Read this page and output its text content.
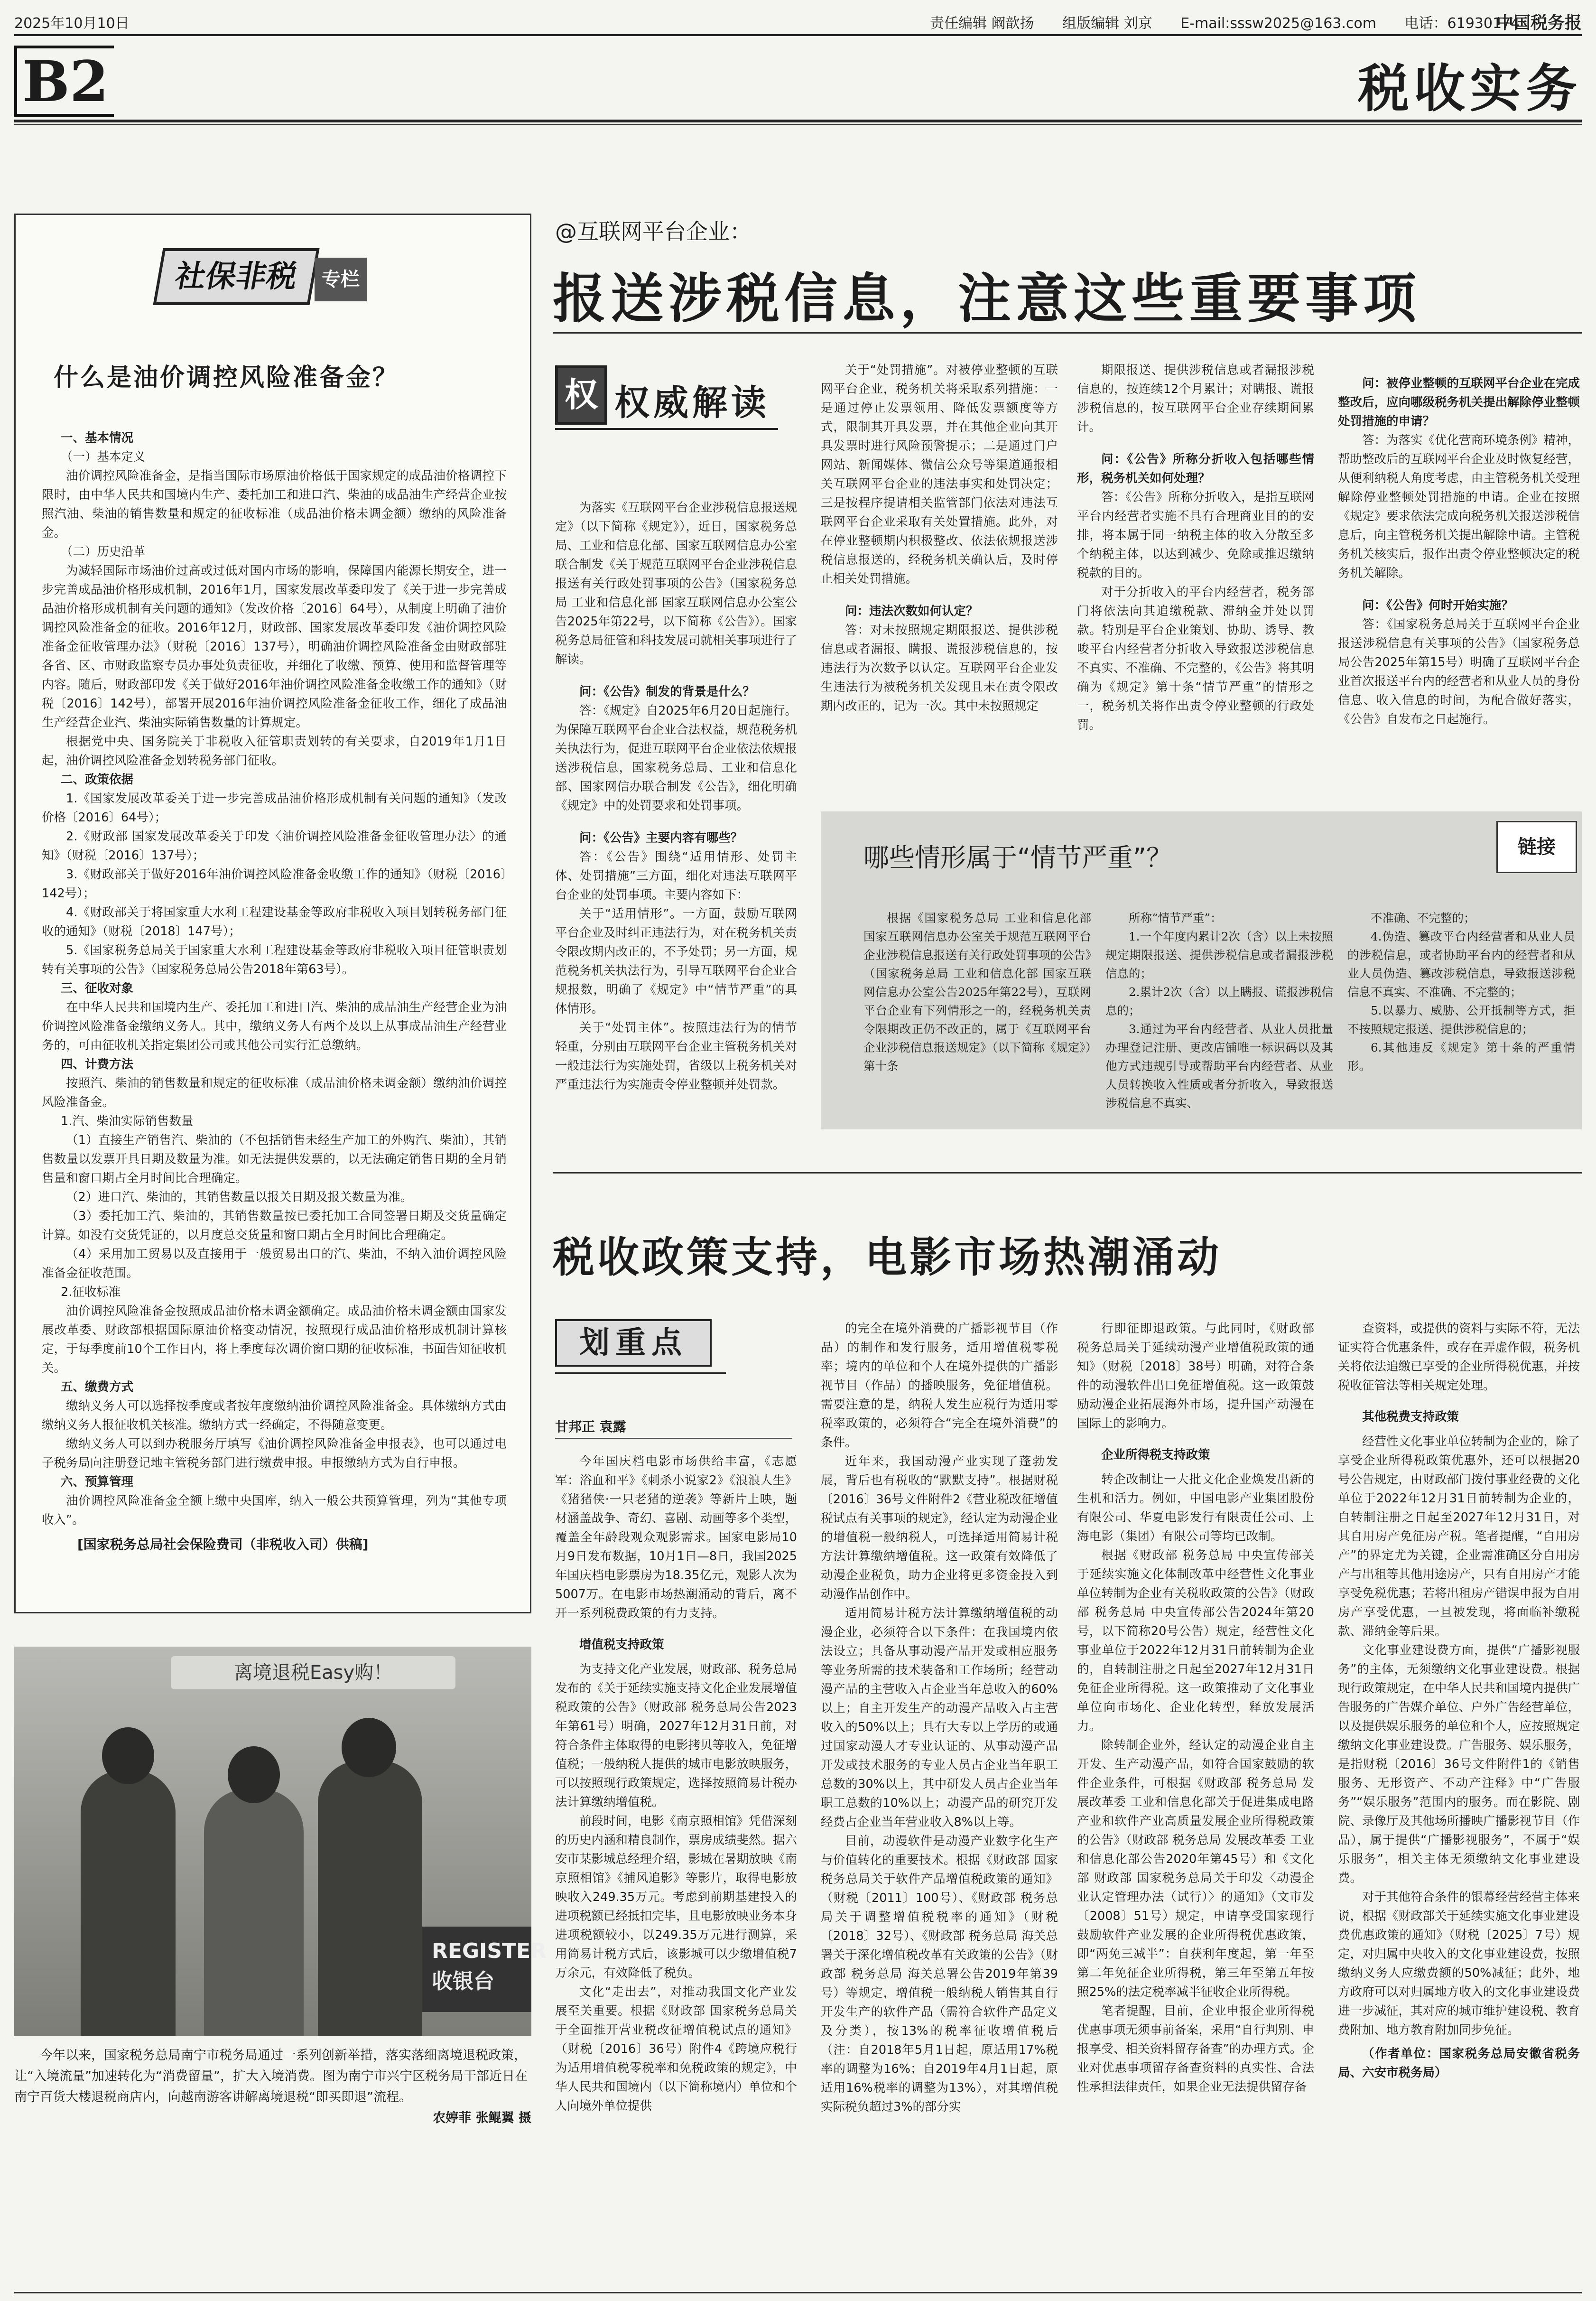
2025年10月10日	责任编辑 阚歆扬 组版编辑 刘京 E-mail:sssw2025@163.com 电话：61930174
中国税务报
B2	税收实务
社保非税	专栏
什么是油价调控风险准备金？

一、基本情况

（一）基本定义

油价调控风险准备金，是指当国际市场原油价格低于国家规定的成品油价格调控下限时，由中华人民共和国境内生产、委托加工和进口汽、柴油的成品油生产经营企业按照汽油、柴油的销售数量和规定的征收标准（成品油价格未调金额）缴纳的风险准备金。

（二）历史沿革

为减轻国际市场油价过高或过低对国内市场的影响，保障国内能源长期安全，进一步完善成品油价格形成机制，2016年1月，国家发展改革委印发了《关于进一步完善成品油价格形成机制有关问题的通知》（发改价格〔2016〕64号），从制度上明确了油价调控风险准备金的征收。2016年12月，财政部、国家发展改革委印发《油价调控风险准备金征收管理办法》（财税〔2016〕137号），明确油价调控风险准备金由财政部驻各省、区、市财政监察专员办事处负责征收，并细化了收缴、预算、使用和监督管理等内容。随后，财政部印发《关于做好2016年油价调控风险准备金收缴工作的通知》（财税〔2016〕142号），部署开展2016年油价调控风险准备金征收工作，细化了成品油生产经营企业汽、柴油实际销售数量的计算规定。

根据党中央、国务院关于非税收入征管职责划转的有关要求，自2019年1月1日起，油价调控风险准备金划转税务部门征收。

二、政策依据

1.《国家发展改革委关于进一步完善成品油价格形成机制有关问题的通知》（发改价格〔2016〕64号）；

2.《财政部 国家发展改革委关于印发〈油价调控风险准备金征收管理办法〉的通知》（财税〔2016〕137号）；

3.《财政部关于做好2016年油价调控风险准备金收缴工作的通知》（财税〔2016〕142号）；

4.《财政部关于将国家重大水利工程建设基金等政府非税收入项目划转税务部门征收的通知》（财税〔2018〕147号）；

5.《国家税务总局关于国家重大水利工程建设基金等政府非税收入项目征管职责划转有关事项的公告》（国家税务总局公告2018年第63号）。

三、征收对象

在中华人民共和国境内生产、委托加工和进口汽、柴油的成品油生产经营企业为油价调控风险准备金缴纳义务人。其中，缴纳义务人有两个及以上从事成品油生产经营业务的，可由征收机关指定集团公司或其他公司实行汇总缴纳。

四、计费方法

按照汽、柴油的销售数量和规定的征收标准（成品油价格未调金额）缴纳油价调控风险准备金。

1.汽、柴油实际销售数量

（1）直接生产销售汽、柴油的（不包括销售未经生产加工的外购汽、柴油），其销售数量以发票开具日期及数量为准。如无法提供发票的，以无法确定销售日期的全月销售量和窗口期占全月时间比合理确定。

（2）进口汽、柴油的，其销售数量以报关日期及报关数量为准。

（3）委托加工汽、柴油的，其销售数量按已委托加工合同签署日期及交货量确定计算。如没有交货凭证的，以月度总交货量和窗口期占全月时间比合理确定。

（4）采用加工贸易以及直接用于一般贸易出口的汽、柴油，不纳入油价调控风险准备金征收范围。

2.征收标准

油价调控风险准备金按照成品油价格未调金额确定。成品油价格未调金额由国家发展改革委、财政部根据国际原油价格变动情况，按照现行成品油价格形成机制计算核定，于每季度前10个工作日内，将上季度每次调价窗口期的征收标准，书面告知征收机关。

五、缴费方式

缴纳义务人可以选择按季度或者按年度缴纳油价调控风险准备金。具体缴纳方式由缴纳义务人报征收机关核准。缴纳方式一经确定，不得随意变更。

缴纳义务人可以到办税服务厅填写《油价调控风险准备金申报表》，也可以通过电子税务局向注册登记地主管税务部门进行缴费申报。申报缴纳方式为自行申报。

六、预算管理

油价调控风险准备金全额上缴中央国库，纳入一般公共预算管理，列为“其他专项收入”。

[国家税务总局社会保险费司（非税收入司）供稿]
离境退税Easy购！
REGISTER 收银台
今年以来，国家税务总局南宁市税务局通过一系列创新举措，落实落细离境退税政策，让“入境流量”加速转化为“消费留量”，扩大入境消费。图为南宁市兴宁区税务局干部近日在南宁百货大楼退税商店内，向越南游客讲解离境退税“即买即退”流程。
农婷菲 张鲲翼 摄
@互联网平台企业：
报送涉税信息，注意这些重要事项
权 权威解读

为落实《互联网平台企业涉税信息报送规定》（以下简称《规定》），近日，国家税务总局、工业和信息化部、国家互联网信息办公室联合制发《关于规范互联网平台企业涉税信息报送有关行政处罚事项的公告》（国家税务总局 工业和信息化部 国家互联网信息办公室公告2025年第22号，以下简称《公告》）。国家税务总局征管和科技发展司就相关事项进行了解读。

问：《公告》制发的背景是什么？

答：《规定》自2025年6月20日起施行。为保障互联网平台企业合法权益，规范税务机关执法行为，促进互联网平台企业依法依规报送涉税信息，国家税务总局、工业和信息化部、国家网信办联合制发《公告》，细化明确《规定》中的处罚要求和处罚事项。

问：《公告》主要内容有哪些？

答：《公告》围绕“适用情形、处罚主体、处罚措施”三方面，细化对违法互联网平台企业的处罚事项。主要内容如下：

关于“适用情形”。一方面，鼓励互联网平台企业及时纠正违法行为，对在税务机关责令限改期内改正的，不予处罚；另一方面，规范税务机关执法行为，引导互联网平台企业合规报数，明确了《规定》中“情节严重”的具体情形。

关于“处罚主体”。按照违法行为的情节轻重，分别由互联网平台企业主管税务机关对一般违法行为实施处罚，省级以上税务机关对严重违法行为实施责令停业整顿并处罚款。

关于“处罚措施”。对被停业整顿的互联网平台企业，税务机关将采取系列措施：一是通过停止发票领用、降低发票额度等方式，限制其开具发票，并在其他企业向其开具发票时进行风险预警提示；二是通过门户网站、新闻媒体、微信公众号等渠道通报相关互联网平台企业的违法事实和处罚决定；三是按程序提请相关监管部门依法对违法互联网平台企业采取有关处置措施。此外，对在停业整顿期内积极整改、依法依规报送涉税信息报送的，经税务机关确认后，及时停止相关处罚措施。

问：违法次数如何认定？

答：对未按照规定期限报送、提供涉税信息或者漏报、瞒报、谎报涉税信息的，按违法行为次数予以认定。互联网平台企业发生违法行为被税务机关发现且未在责令限改期内改正的，记为一次。其中未按照规定

期限报送、提供涉税信息或者漏报涉税信息的，按连续12个月累计；对瞒报、谎报涉税信息的，按互联网平台企业存续期间累计。

问：《公告》所称分折收入包括哪些情形，税务机关如何处理？

答：《公告》所称分折收入，是指互联网平台内经营者实施不具有合理商业目的的安排，将本属于同一纳税主体的收入分散至多个纳税主体，以达到减少、免除或推迟缴纳税款的目的。

对于分折收入的平台内经营者，税务部门将依法向其追缴税款、滞纳金并处以罚款。特别是平台企业策划、协助、诱导、教唆平台内经营者分折收入导致报送涉税信息不真实、不准确、不完整的，《公告》将其明确为《规定》第十条“情节严重”的情形之一，税务机关将作出责令停业整顿的行政处罚。

问：被停业整顿的互联网平台企业在完成整改后，应向哪级税务机关提出解除停业整顿处罚措施的申请？

答：为落实《优化营商环境条例》精神，帮助整改后的互联网平台企业及时恢复经营，从便利纳税人角度考虑，由主管税务机关受理解除停业整顿处罚措施的申请。企业在按照《规定》要求依法完成向税务机关报送涉税信息后，向主管税务机关提出解除申请。主管税务机关核实后，报作出责令停业整顿决定的税务机关解除。

问：《公告》何时开始实施？

答：《国家税务总局关于互联网平台企业报送涉税信息有关事项的公告》（国家税务总局公告2025年第15号）明确了互联网平台企业首次报送平台内的经营者和从业人员的身份信息、收入信息的时间，为配合做好落实，《公告》自发布之日起施行。

哪些情形属于“情节严重”？	链接

根据《国家税务总局 工业和信息化部 国家互联网信息办公室关于规范互联网平台企业涉税信息报送有关行政处罚事项的公告》（国家税务总局 工业和信息化部 国家互联网信息办公室公告2025年第22号），互联网平台企业有下列情形之一的，经税务机关责令限期改正仍不改正的，属于《互联网平台企业涉税信息报送规定》（以下简称《规定》）第十条

所称“情节严重”：

1.一个年度内累计2次（含）以上未按照规定期限报送、提供涉税信息或者漏报涉税信息的；

2.累计2次（含）以上瞒报、谎报涉税信息的；

3.通过为平台内经营者、从业人员批量办理登记注册、更改店铺唯一标识码以及其他方式违规引导或帮助平台内经营者、从业人员转换收入性质或者分折收入，导致报送涉税信息不真实、

不准确、不完整的；

4.伪造、篡改平台内经营者和从业人员的涉税信息，或者协助平台内的经营者和从业人员伪造、篡改涉税信息，导致报送涉税信息不真实、不准确、不完整的；

5.以暴力、威胁、公开抵制等方式，拒不按照规定报送、提供涉税信息的；

6.其他违反《规定》第十条的严重情形。

税收政策支持，电影市场热潮涌动
划重点
甘邦正 袁露

今年国庆档电影市场供给丰富，《志愿军：浴血和平》《刺杀小说家2》《浪浪人生》《猪猪侠·一只老猪的逆袭》等新片上映，题材涵盖战争、奇幻、喜剧、动画等多个类型，覆盖全年龄段观众观影需求。国家电影局10月9日发布数据，10月1日—8日，我国2025年国庆档电影票房为18.35亿元，观影人次为5007万。在电影市场热潮涌动的背后，离不开一系列税费政策的有力支持。

增值税支持政策

为支持文化产业发展，财政部、税务总局发布的《关于延续实施支持文化企业发展增值税政策的公告》（财政部 税务总局公告2023年第61号）明确，2027年12月31日前，对符合条件主体取得的电影拷贝等收入，免征增值税；一般纳税人提供的城市电影放映服务，可以按照现行政策规定，选择按照简易计税办法计算缴纳增值税。

前段时间，电影《南京照相馆》凭借深刻的历史内涵和精良制作，票房成绩斐然。据六安市某影城总经理介绍，影城在暑期放映《南京照相馆》《捕风追影》等影片，取得电影放映收入249.35万元。考虑到前期基建投入的进项税额已经抵扣完毕，且电影放映业务本身进项税额较小，以249.35万元进行测算，采用简易计税方式后，该影城可以少缴增值税7万余元，有效降低了税负。

文化“走出去”，对推动我国文化产业发展至关重要。根据《财政部 国家税务总局关于全面推开营业税改征增值税试点的通知》（财税〔2016〕36号）附件4《跨境应税行为适用增值税零税率和免税政策的规定》，中华人民共和国境内（以下简称境内）单位和个人向境外单位提供

的完全在境外消费的广播影视节目（作品）的制作和发行服务，适用增值税零税率；境内的单位和个人在境外提供的广播影视节目（作品）的播映服务，免征增值税。需要注意的是，纳税人发生应税行为适用零税率政策的，必须符合“完全在境外消费”的条件。

近年来，我国动漫产业实现了蓬勃发展，背后也有税收的“默默支持”。根据财税〔2016〕36号文件附件2《营业税改征增值税试点有关事项的规定》，经认定为动漫企业的增值税一般纳税人，可选择适用简易计税方法计算缴纳增值税。这一政策有效降低了动漫企业税负，助力企业将更多资金投入到动漫作品创作中。

适用简易计税方法计算缴纳增值税的动漫企业，必须符合以下条件：在我国境内依法设立；具备从事动漫产品开发或相应服务等业务所需的技术装备和工作场所；经营动漫产品的主营收入占企业当年总收入的60%以上；自主开发生产的动漫产品收入占主营收入的50%以上；具有大专以上学历的或通过国家动漫人才专业认证的、从事动漫产品开发或技术服务的专业人员占企业当年职工总数的30%以上，其中研发人员占企业当年职工总数的10%以上；动漫产品的研究开发经费占企业当年营业收入8%以上等。

目前，动漫软件是动漫产业数字化生产与价值转化的重要技术。根据《财政部 国家税务总局关于软件产品增值税政策的通知》（财税〔2011〕100号）、《财政部 税务总局关于调整增值税税率的通知》（财税〔2018〕32号）、《财政部 税务总局 海关总署关于深化增值税改革有关政策的公告》（财政部 税务总局 海关总署公告2019年第39号）等规定，增值税一般纳税人销售其自行开发生产的软件产品（需符合软件产品定义及分类），按13%的税率征收增值税后（注：自2018年5月1日起，原适用17%税率的调整为16%；自2019年4月1日起，原适用16%税率的调整为13%），对其增值税实际税负超过3%的部分实

行即征即退政策。与此同时，《财政部 税务总局关于延续动漫产业增值税政策的通知》（财税〔2018〕38号）明确，对符合条件的动漫软件出口免征增值税。这一政策鼓励动漫企业拓展海外市场，提升国产动漫在国际上的影响力。

企业所得税支持政策

转企改制让一大批文化企业焕发出新的生机和活力。例如，中国电影产业集团股份有限公司、华夏电影发行有限责任公司、上海电影（集团）有限公司等均已改制。

根据《财政部 税务总局 中央宣传部关于延续实施文化体制改革中经营性文化事业单位转制为企业有关税收政策的公告》（财政部 税务总局 中央宣传部公告2024年第20号，以下简称20号公告）规定，经营性文化事业单位于2022年12月31日前转制为企业的，自转制注册之日起至2027年12月31日免征企业所得税。这一政策推动了文化事业单位向市场化、企业化转型，释放发展活力。

除转制企业外，经认定的动漫企业自主开发、生产动漫产品，如符合国家鼓励的软件企业条件，可根据《财政部 税务总局 发展改革委 工业和信息化部关于促进集成电路产业和软件产业高质量发展企业所得税政策的公告》（财政部 税务总局 发展改革委 工业和信息化部公告2020年第45号）和《文化部 财政部 国家税务总局关于印发〈动漫企业认定管理办法（试行）〉的通知》（文市发〔2008〕51号）规定，申请享受国家现行鼓励软件产业发展的企业所得税优惠政策，即“两免三减半”：自获利年度起，第一年至第二年免征企业所得税，第三年至第五年按照25%的法定税率减半征收企业所得税。

笔者提醒，目前，企业申报企业所得税优惠事项无须事前备案，采用“自行判别、申报享受、相关资料留存备查”的办理方式。企业对优惠事项留存备查资料的真实性、合法性承担法律责任，如果企业无法提供留存备

查资料，或提供的资料与实际不符，无法证实符合优惠条件，或存在弄虚作假，税务机关将依法追缴已享受的企业所得税优惠，并按税收征管法等相关规定处理。

其他税费支持政策

经营性文化事业单位转制为企业的，除了享受企业所得税政策优惠外，还可以根据20号公告规定，由财政部门拨付事业经费的文化单位于2022年12月31日前转制为企业的，自转制注册之日起至2027年12月31日，对其自用房产免征房产税。笔者提醒，“自用房产”的界定尤为关键，企业需准确区分自用房产与出租等其他用途房产，只有自用房产才能享受免税优惠；若将出租房产错误申报为自用房产享受优惠，一旦被发现，将面临补缴税款、滞纳金等后果。

文化事业建设费方面，提供“广播影视服务”的主体，无须缴纳文化事业建设费。根据现行政策规定，在中华人民共和国境内提供广告服务的广告媒介单位、户外广告经营单位，以及提供娱乐服务的单位和个人，应按照规定缴纳文化事业建设费。广告服务、娱乐服务，是指财税〔2016〕36号文件附件1的《销售服务、无形资产、不动产注释》中“广告服务”“娱乐服务”范围内的服务。而在影院、剧院、录像厅及其他场所播映广播影视节目（作品），属于提供“广播影视服务”，不属于“娱乐服务”，相关主体无须缴纳文化事业建设费。

对于其他符合条件的银幕经营经营主体来说，根据《财政部关于延续实施文化事业建设费优惠政策的通知》（财税〔2025〕7号）规定，对归属中央收入的文化事业建设费，按照缴纳义务人应缴费额的50%减征；此外，地方政府可以对归属地方收入的文化事业建设费进一步减征，其对应的城市维护建设税、教育费附加、地方教育附加同步免征。

（作者单位：国家税务总局安徽省税务局、六安市税务局）
